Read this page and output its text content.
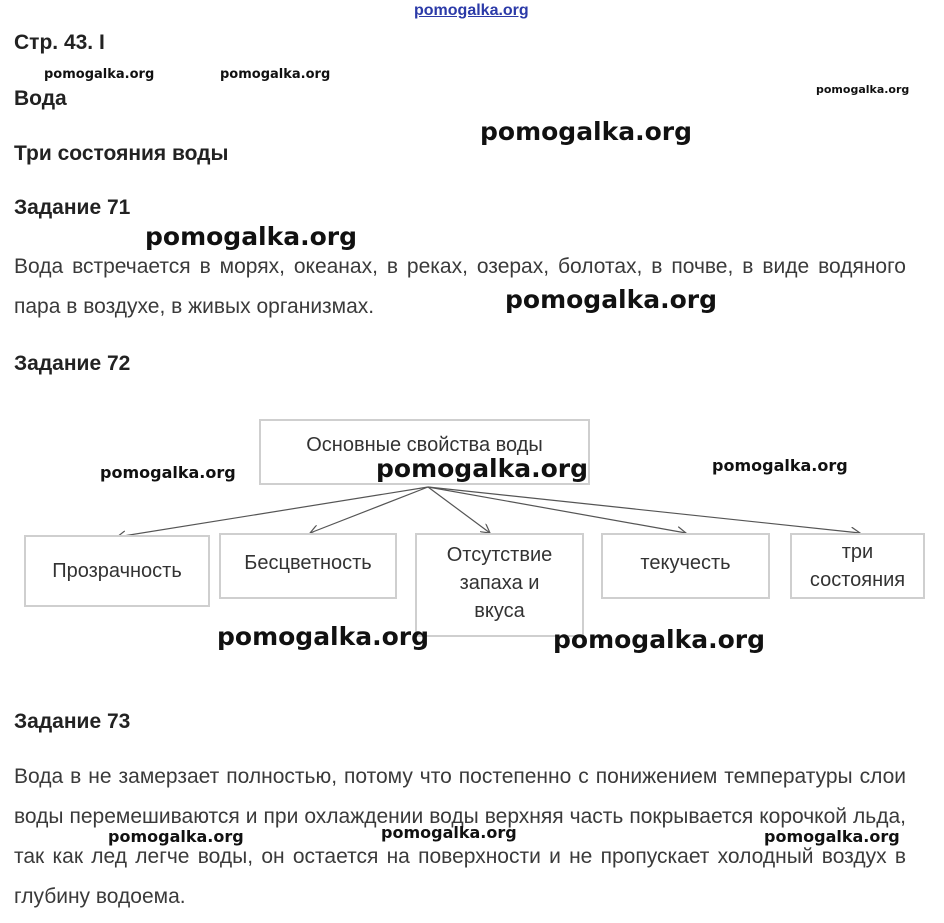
pomogalka.org
Стр. 43. I
Вода
Три состояния воды
Задание 71
Вода встречается в морях, океанах, в реках, озерах, болотах, в почве, в виде водяного пара в воздухе, в живых организмах.
Задание 72
Основные свойства воды
Прозрачность	Бесцветность	Отсутствие запаха и вкуса
текучесть	три состояния
Задание 73
Вода в не замерзает полностью, потому что постепенно с понижением температуры слои воды перемешиваются и при охлаждении воды верхняя часть покрывается корочкой льда, так как лед легче воды, он остается на поверхности и не пропускает холодный воздух в глубину водоема.
pomogalka.org	pomogalka.org
pomogalka.org
pomogalka.org
pomogalka.org
pomogalka.org
pomogalka.org	pomogalka.org	pomogalka.org
pomogalka.org	pomogalka.org
pomogalka.org	pomogalka.org	pomogalka.org
